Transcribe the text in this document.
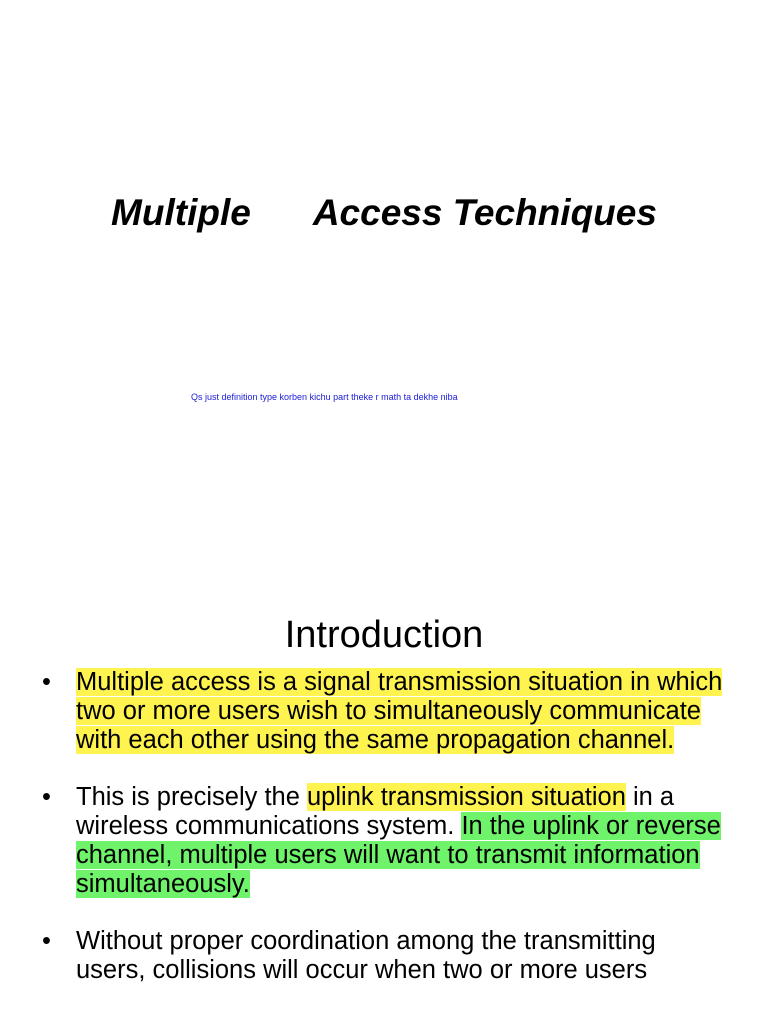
Multiple Access Techniques
Qs just definition type korben kichu part theke r math ta dekhe niba
Introduction
• Multiple access is a signal transmission situation in which two or more users wish to simultaneously communicate with each other using the same propagation channel.
• This is precisely the uplink transmission situation in a wireless communications system. In the uplink or reverse channel, multiple users will want to transmit information simultaneously.
• Without proper coordination among the transmitting users, collisions will occur when two or more users
